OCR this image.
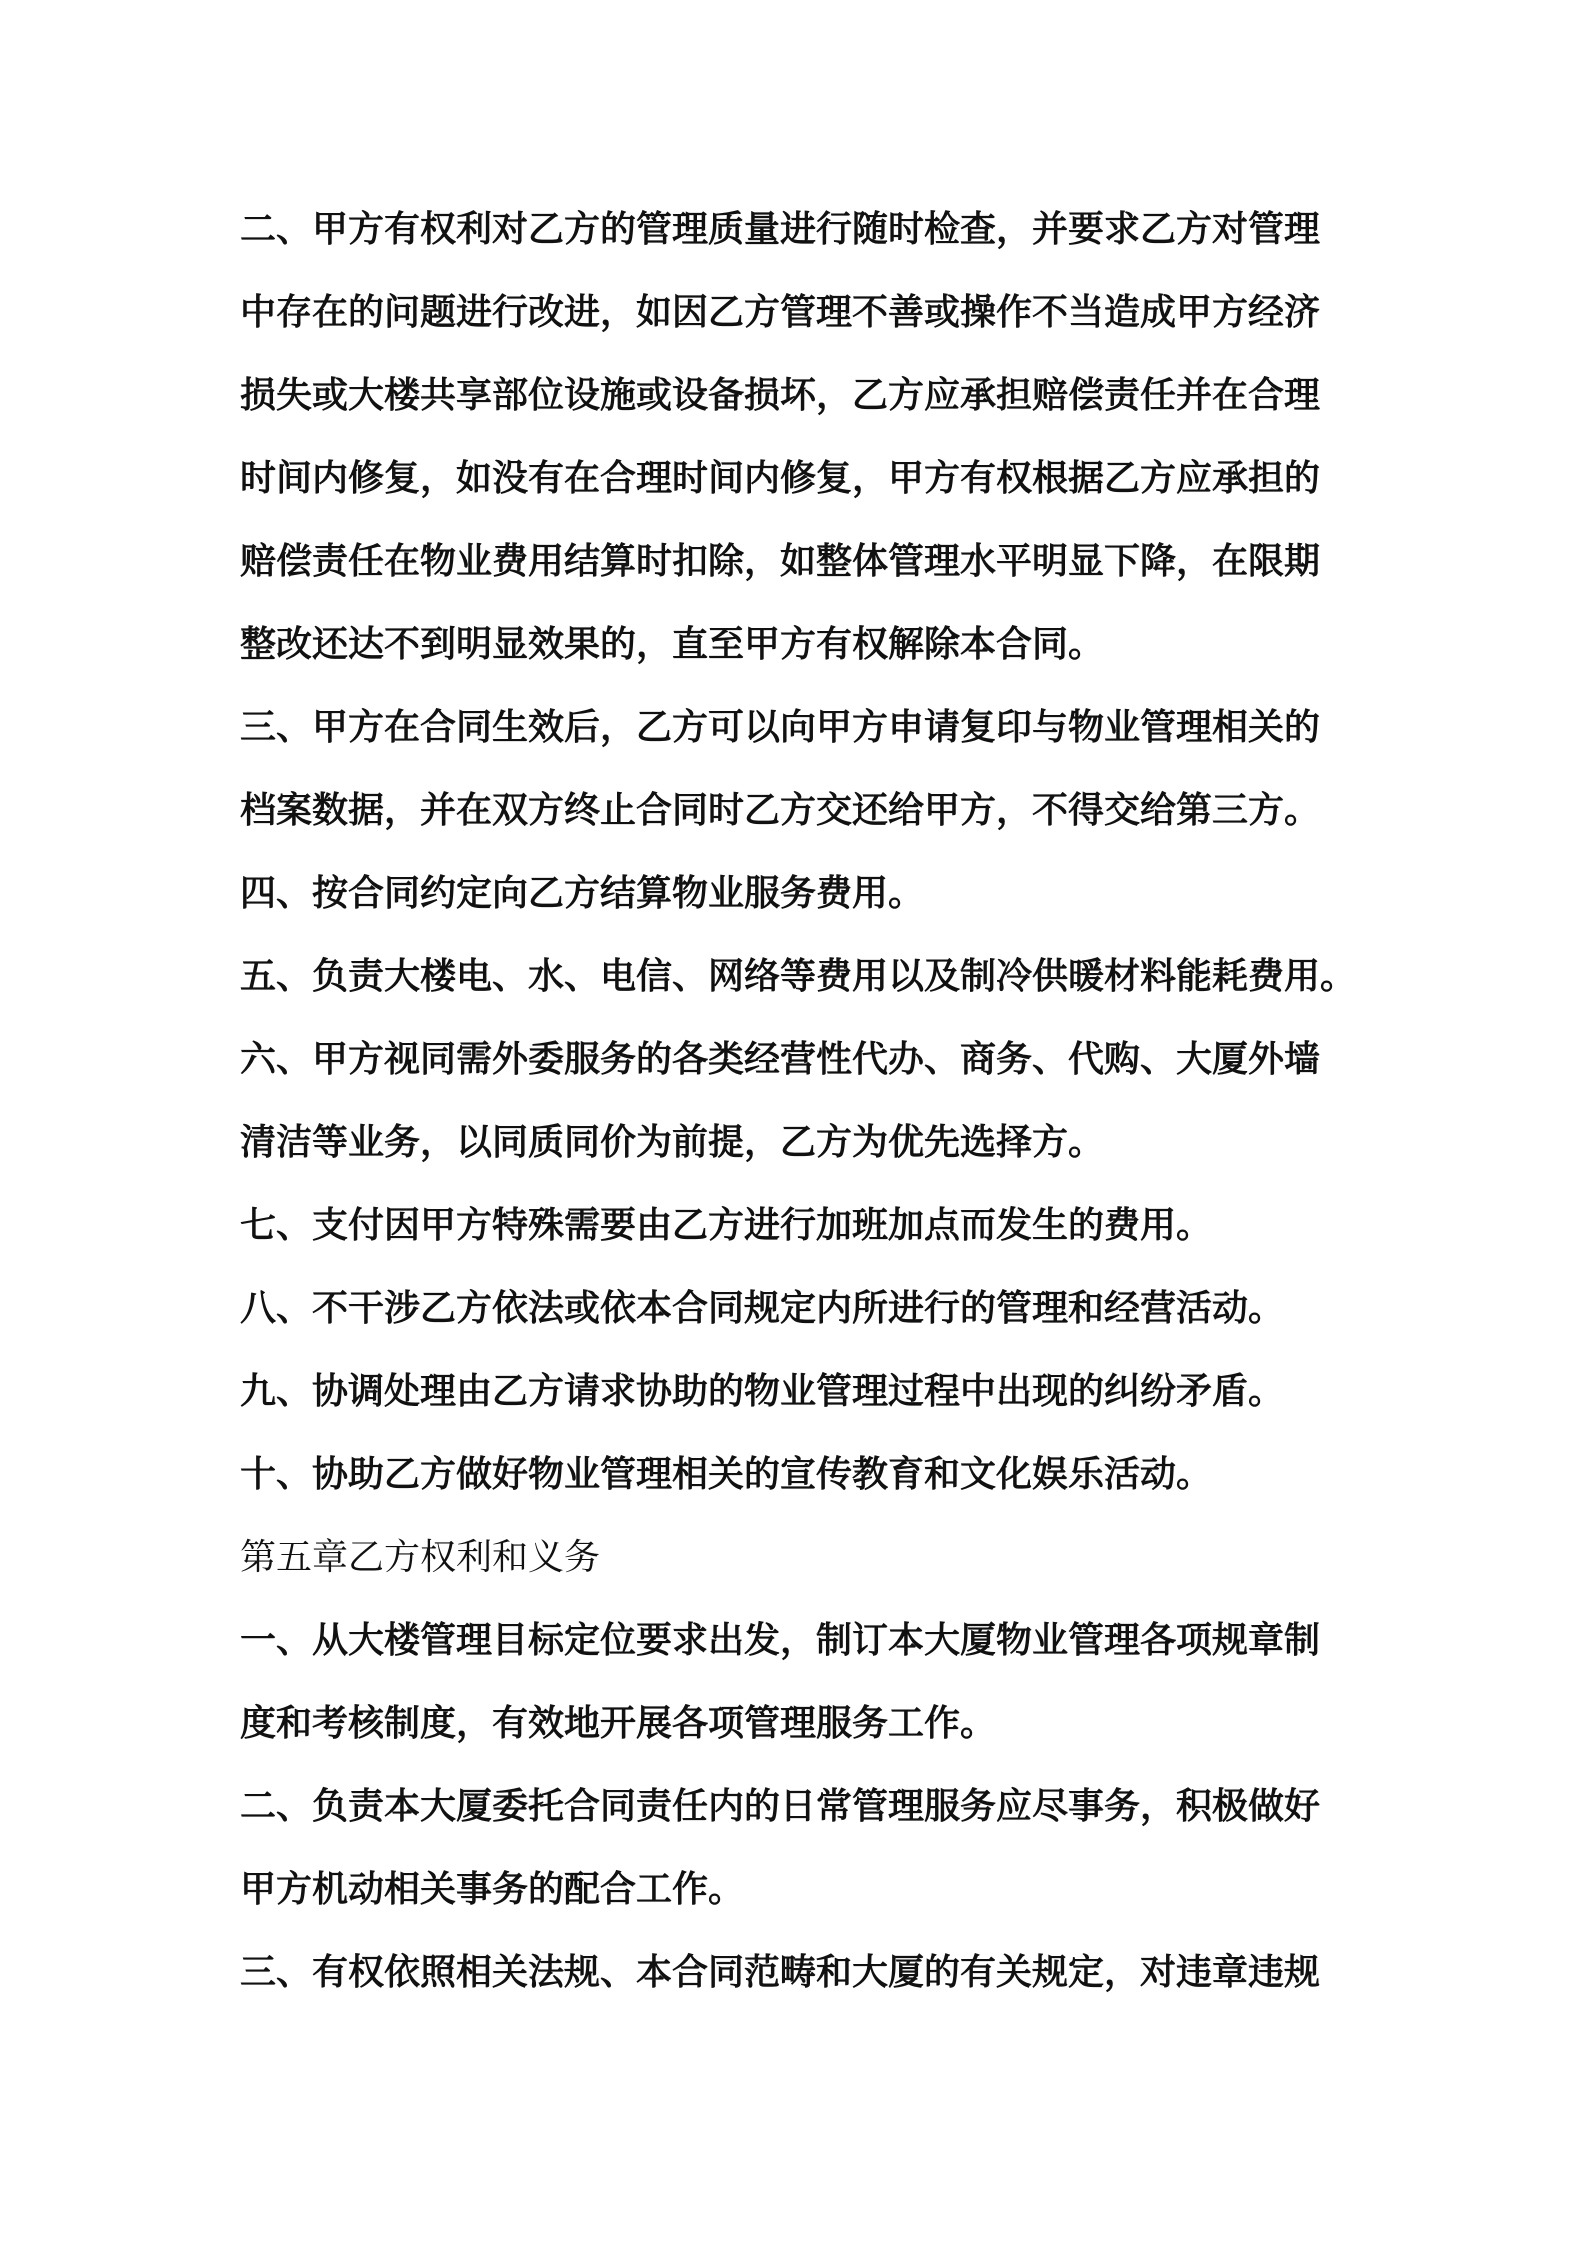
二、甲方有权利对乙方的管理质量进行随时检查，并要求乙方对管理
中存在的问题进行改进，如因乙方管理不善或操作不当造成甲方经济
损失或大楼共享部位设施或设备损坏，乙方应承担赔偿责任并在合理
时间内修复，如没有在合理时间内修复，甲方有权根据乙方应承担的
赔偿责任在物业费用结算时扣除，如整体管理水平明显下降，在限期
整改还达不到明显效果的，直至甲方有权解除本合同。
三、甲方在合同生效后，乙方可以向甲方申请复印与物业管理相关的
档案数据，并在双方终止合同时乙方交还给甲方，不得交给第三方。
四、按合同约定向乙方结算物业服务费用。
五、负责大楼电、水、电信、网络等费用以及制冷供暖材料能耗费用。
六、甲方视同需外委服务的各类经营性代办、商务、代购、大厦外墙
清洁等业务，以同质同价为前提，乙方为优先选择方。
七、支付因甲方特殊需要由乙方进行加班加点而发生的费用。
八、不干涉乙方依法或依本合同规定内所进行的管理和经营活动。
九、协调处理由乙方请求协助的物业管理过程中出现的纠纷矛盾。
十、协助乙方做好物业管理相关的宣传教育和文化娱乐活动。
第五章乙方权利和义务
一、从大楼管理目标定位要求出发，制订本大厦物业管理各项规章制
度和考核制度，有效地开展各项管理服务工作。
二、负责本大厦委托合同责任内的日常管理服务应尽事务，积极做好
甲方机动相关事务的配合工作。
三、有权依照相关法规、本合同范畴和大厦的有关规定，对违章违规
